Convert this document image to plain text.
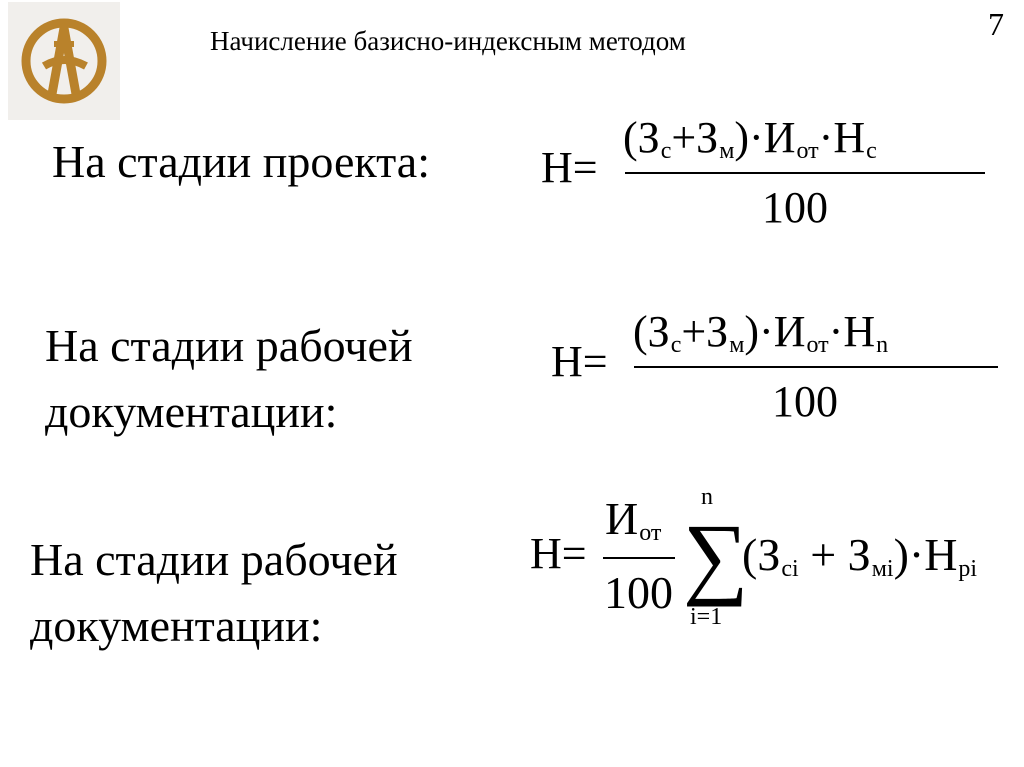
Начисление базисно-индексным методом	7
На стадии проекта:	Н=
$(З_с+З_м)\cdot И_{от}\cdot Н_с$
100
На стадии рабочей
документации:
Н=
$(З_с+З_м)\cdot И_{от}\cdot Н_n$
100
На стадии рабочей
документации:
Н=
$И_{от}$
100
n
∑
i=1
$(З_{ci} + З_{мi})\cdot Н_{pi}$
